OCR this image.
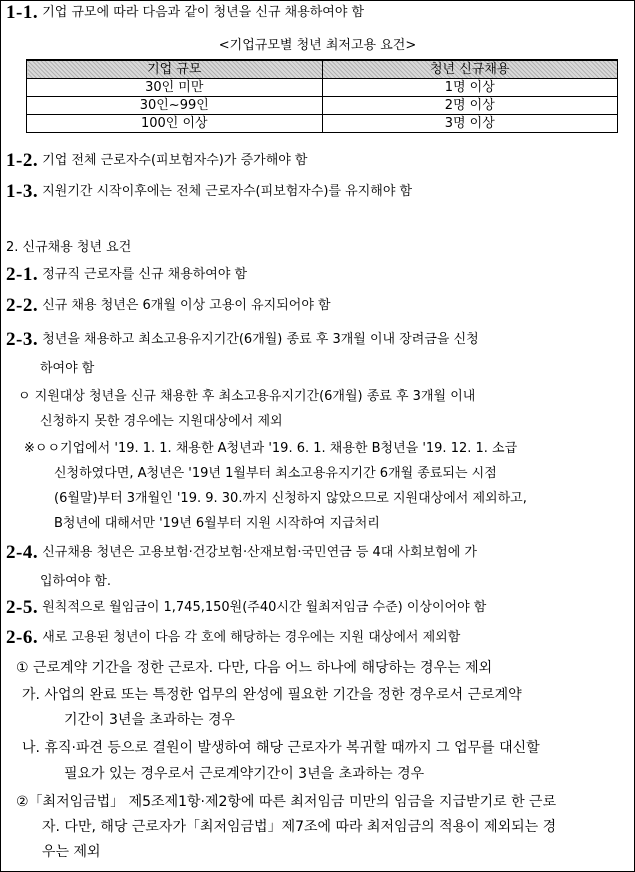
1-1. 기업 규모에 따라 다음과 같이 청년을 신규 채용하여야 함
<기업규모별 청년 최저고용 요건>
기업 규모	청년 신규채용
30인 미만	1명 이상
30인~99인	2명 이상
100인 이상	3명 이상
1-2. 기업 전체 근로자수(피보험자수)가 증가해야 함
1-3. 지원기간 시작이후에는 전체 근로자수(피보험자수)를 유지해야 함
2. 신규채용 청년 요건
2-1. 정규직 근로자를 신규 채용하여야 함
2-2. 신규 채용 청년은 6개월 이상 고용이 유지되어야 함
2-3. 청년을 채용하고 최소고용유지기간(6개월) 종료 후 3개월 이내 장려금을 신청
하여야 함
ㅇ 지원대상 청년을 신규 채용한 후 최소고용유지기간(6개월) 종료 후 3개월 이내
신청하지 못한 경우에는 지원대상에서 제외
※ㅇㅇ기업에서 '19. 1. 1. 채용한 A청년과 '19. 6. 1. 채용한 B청년을 '19. 12. 1. 소급
신청하였다면, A청년은 '19년 1월부터 최소고용유지기간 6개월 종료되는 시점
(6월말)부터 3개월인 '19. 9. 30.까지 신청하지 않았으므로 지원대상에서 제외하고,
B청년에 대해서만 '19년 6월부터 지원 시작하여 지급처리
2-4. 신규채용 청년은 고용보험·건강보험·산재보험·국민연금 등 4대 사회보험에 가
입하여야 함.
2-5. 원칙적으로 월임금이 1,745,150원(주40시간 월최저임금 수준) 이상이어야 함
2-6. 새로 고용된 청년이 다음 각 호에 해당하는 경우에는 지원 대상에서 제외함
① 근로계약 기간을 정한 근로자. 다만, 다음 어느 하나에 해당하는 경우는 제외
가. 사업의 완료 또는 특정한 업무의 완성에 필요한 기간을 정한 경우로서 근로계약
기간이 3년을 초과하는 경우
나. 휴직·파견 등으로 결원이 발생하여 해당 근로자가 복귀할 때까지 그 업무를 대신할
필요가 있는 경우로서 근로계약기간이 3년을 초과하는 경우
②「최저임금법」 제5조제1항·제2항에 따른 최저임금 미만의 임금을 지급받기로 한 근로
자. 다만, 해당 근로자가「최저임금법」제7조에 따라 최저임금의 적용이 제외되는 경
우는 제외
